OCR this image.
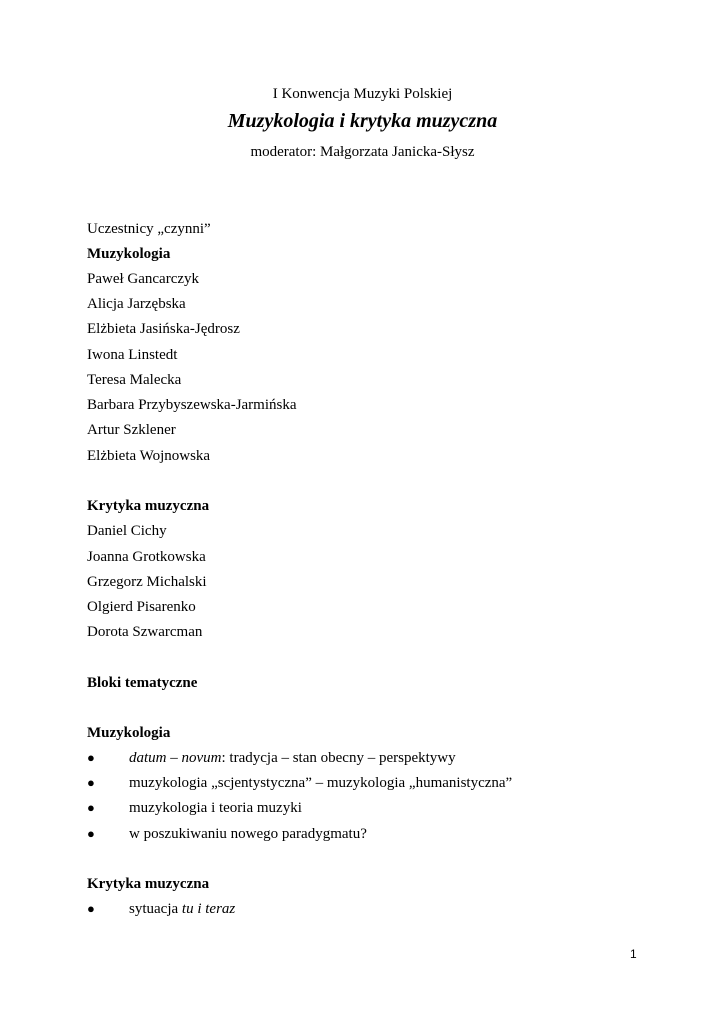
I Konwencja Muzyki Polskiej
Muzykologia i krytyka muzyczna
moderator: Małgorzata Janicka-Słysz
Uczestnicy „czynni”
Muzykologia
Paweł Gancarczyk
Alicja Jarzębska
Elżbieta Jasińska-Jędrosz
Iwona Linstedt
Teresa Malecka
Barbara Przybyszewska-Jarmińska
Artur Szklener
Elżbieta Wojnowska
Krytyka muzyczna
Daniel Cichy
Joanna Grotkowska
Grzegorz Michalski
Olgierd Pisarenko
Dorota Szwarcman
Bloki tematyczne
Muzykologia
● datum – novum: tradycja – stan obecny – perspektywy
● muzykologia „scjentystyczna” – muzykologia „humanistyczna”
● muzykologia i teoria muzyki
● w poszukiwaniu nowego paradygmatu?
Krytyka muzyczna
● sytuacja tu i teraz
1
